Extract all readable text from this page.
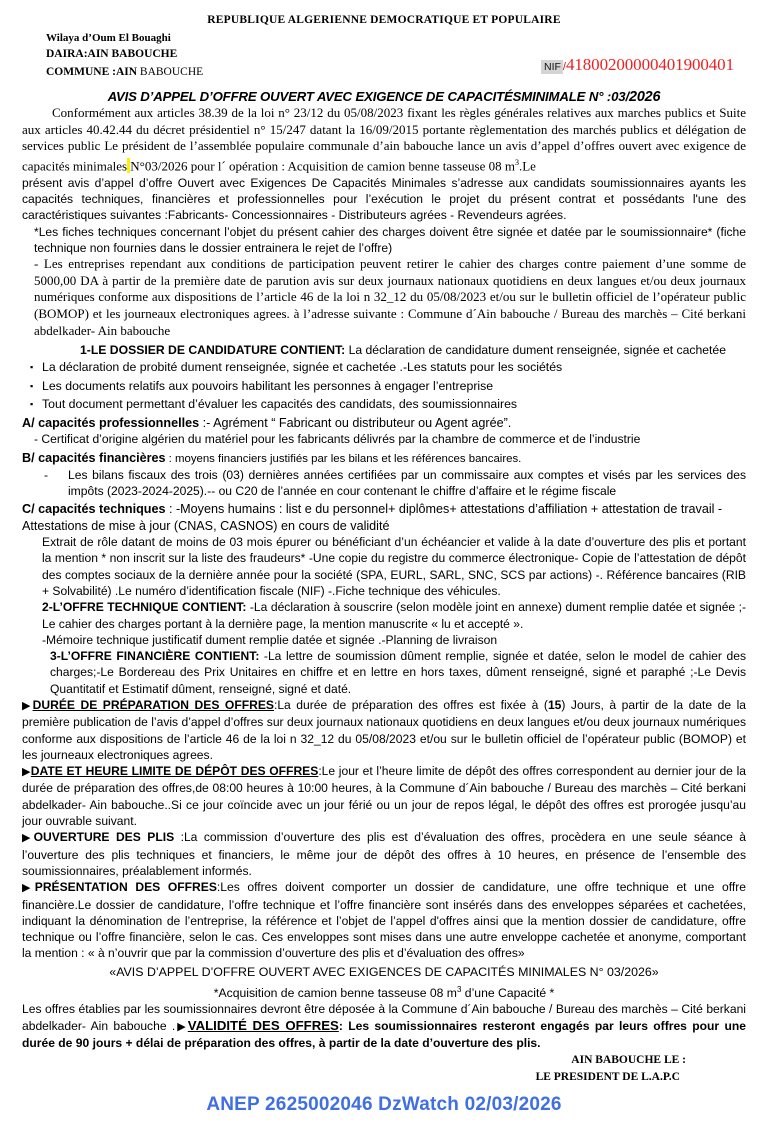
REPUBLIQUE ALGERIENNE DEMOCRATIQUE ET POPULAIRE
Wilaya d’Oum El Bouaghi
DAIRA:AIN BABOUCHE
COMMUNE :AIN BABOUCHE	NIF /41800200000401900401
AVIS D’APPEL D’OFFRE OUVERT AVEC EXIGENCE DE CAPACITÉSMINIMALE N° :03/2026

Conformément aux articles 38.39 de la loi n° 23/12 du 05/08/2023 fixant les règles générales relatives aux marches publics et Suite aux articles 40.42.44 du décret présidentiel n° 15/247 datant la 16/09/2015 portante règlementation des marchés publics et délégation de services public Le président de l’assemblée populaire communale d’ain babouche lance un avis d’appel d’offres ouvert avec exigence de capacités minimales N°03/2026 pour l´ opération : Acquisition de camion benne tasseuse 08 $m^3.Le$

présent avis d’appel d’offre Ouvert avec Exigences De Capacités Minimales s’adresse aux candidats soumissionnaires ayants les capacités techniques, financières et professionnelles pour l’exécution le projet du présent contrat et possédants l'une des caractéristiques suivantes :Fabricants- Concessionnaires - Distributeurs agrées - Revendeurs agrées.

*Les fiches techniques concernant l’objet du présent cahier des charges doivent être signée et datée par le soumissionnaire* (fiche technique non fournies dans le dossier entrainera le rejet de l’offre)

- Les entreprises rependant aux conditions de participation peuvent retirer le cahier des charges contre paiement d’une somme de 5000,00 DA à partir de la première date de parution avis sur deux journaux nationaux quotidiens en deux langues et/ou deux journaux numériques conforme aux dispositions de l’article 46 de la loi n 32_12 du 05/08/2023 et/ou sur le bulletin officiel de l’opérateur public (BOMOP) et les journeaux electroniques agrees. à l’adresse suivante : Commune d´Ain babouche / Bureau des marchès – Cité berkani abdelkader- Ain babouche

1-LE DOSSIER DE CANDIDATURE CONTIENT: La déclaration de candidature dument renseignée, signée et cachetée
▪ La déclaration de probité dument renseignée, signée et cachetée .-Les statuts pour les sociétés
▪ Les documents relatifs aux pouvoirs habilitant les personnes à engager l’entreprise
▪ Tout document permettant d’évaluer les capacités des candidats, des soumissionnaires
A/ capacités professionnelles :- Agrément “ Fabricant ou distributeur ou Agent agrée”.
- Certificat d’origine algérien du matériel pour les fabricants délivrés par la chambre de commerce et de l’industrie
B/ capacités financières : moyens financiers justifiés par les bilans et les références bancaires.
- Les bilans fiscaux des trois (03) dernières années certifiées par un commissaire aux comptes et visés par les services des impôts (2023-2024-2025).-- ou C20 de l’année en cour contenant le chiffre d’affaire et le régime fiscale
C/ capacités techniques : -Moyens humains : list e du personnel+ diplômes+ attestations d’affiliation + attestation de travail - Attestations de mise à jour (CNAS, CASNOS) en cours de validité

Extrait de rôle datant de moins de 03 mois épurer ou bénéficiant d’un échéancier et valide à la date d’ouverture des plis et portant la mention * non inscrit sur la liste des fraudeurs* -Une copie du registre du commerce électronique- Copie de l’attestation de dépôt des comptes sociaux de la dernière année pour la société (SPA, EURL, SARL, SNC, SCS par actions) -. Référence bancaires (RIB + Solvabilité) .Le numéro d’identification fiscale (NIF) -.Fiche technique des véhicules.

2-L’OFFRE TECHNIQUE CONTIENT: -La déclaration à souscrire (selon modèle joint en annexe) dument remplie datée et signée ;-Le cahier des charges portant à la dernière page, la mention manuscrite « lu et accepté ».

-Mémoire technique justificatif dument remplie datée et signée .-Planning de livraison

3-L’OFFRE FINANCIÈRE CONTIENT: -La lettre de soumission dûment remplie, signée et datée, selon le model de cahier des charges;-Le Bordereau des Prix Unitaires en chiffre et en lettre en hors taxes, dûment renseigné, signé et paraphé ;-Le Devis Quantitatif et Estimatif dûment, renseigné, signé et daté.

▶DURÉE DE PRÉPARATION DES OFFRES:La durée de préparation des offres est fixée à (15) Jours, à partir de la date de la première publication de l’avis d’appel d’offres sur deux journaux nationaux quotidiens en deux langues et/ou deux journaux numériques conforme aux dispositions de l’article 46 de la loi n 32_12 du 05/08/2023 et/ou sur le bulletin officiel de l’opérateur public (BOMOP) et les journeaux electroniques agrees.

▶DATE ET HEURE LIMITE DE DÉPÔT DES OFFRES:Le jour et l’heure limite de dépôt des offres correspondent au dernier jour de la durée de préparation des offres,de 08:00 heures à 10:00 heures, à la Commune d´Ain babouche / Bureau des marchès – Cité berkani abdelkader- Ain babouche..Si ce jour coïncide avec un jour férié ou un jour de repos légal, le dépôt des offres est prorogée jusqu’au jour ouvrable suivant.

▶OUVERTURE DES PLIS :La commission d’ouverture des plis est d’évaluation des offres, procèdera en une seule séance à l’ouverture des plis techniques et financiers, le même jour de dépôt des offres à 10 heures, en présence de l’ensemble des soumissionnaires, préalablement informés.

▶PRÉSENTATION DES OFFRES:Les offres doivent comporter un dossier de candidature, une offre technique et une offre financière.Le dossier de candidature, l’offre technique et l’offre financière sont insérés dans des enveloppes séparées et cachetées, indiquant la dénomination de l’entreprise, la référence et l’objet de l’appel d'offres ainsi que la mention dossier de candidature, offre technique ou l’offre financière, selon le cas. Ces enveloppes sont mises dans une autre enveloppe cachetée et anonyme, comportant la mention : « à n’ouvrir que par la commission d’ouverture des plis et d’évaluation des offres»

«AVIS D’APPEL D’OFFRE OUVERT AVEC EXIGENCES DE CAPACITÉS MINIMALES N° 03/2026»
*Acquisition de camion benne tasseuse 08 $m^3$ d’une Capacité *

Les offres établies par les soumissionnaires devront être déposée à la Commune d´Ain babouche / Bureau des marchès – Cité berkani abdelkader- Ain babouche .▶VALIDITÉ DES OFFRES: Les soumissionnaires resteront engagés par leurs offres pour une durée de 90 jours + délai de préparation des offres, à partir de la date d’ouverture des plis.

AIN BABOUCHE LE :
LE PRESIDENT DE L.A.P.C
ANEP 2625002046 DzWatch 02/03/2026
